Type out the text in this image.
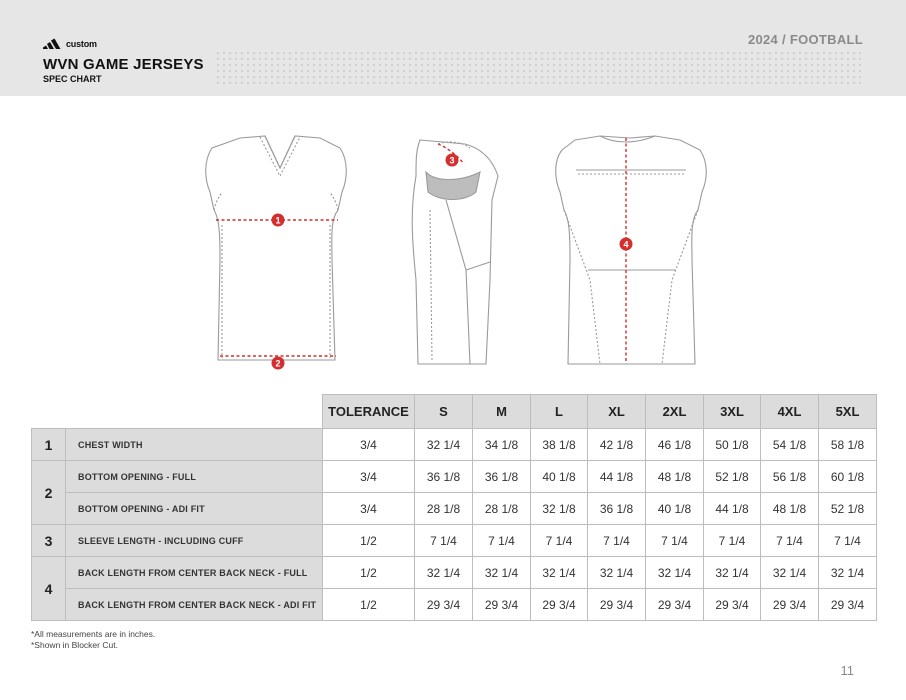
custom
WVN GAME JERSEYS
SPEC CHART
2024 / FOOTBALL
1
2
3
4
		TOLERANCE	S	M	L	XL	2XL	3XL	4XL	5XL
1	CHEST WIDTH	3/4	32 1/4	34 1/8	38 1/8	42 1/8	46 1/8	50 1/8	54 1/8	58 1/8
2	BOTTOM OPENING - FULL	3/4	36 1/8	36 1/8	40 1/8	44 1/8	48 1/8	52 1/8	56 1/8	60 1/8
	BOTTOM OPENING - ADI FIT	3/4	28 1/8	28 1/8	32 1/8	36 1/8	40 1/8	44 1/8	48 1/8	52 1/8
3	SLEEVE LENGTH - INCLUDING CUFF	1/2	7 1/4	7 1/4	7 1/4	7 1/4	7 1/4	7 1/4	7 1/4	7 1/4
4	BACK LENGTH FROM CENTER BACK NECK - FULL	1/2	32 1/4	32 1/4	32 1/4	32 1/4	32 1/4	32 1/4	32 1/4	32 1/4
	BACK LENGTH FROM CENTER BACK NECK - ADI FIT	1/2	29 3/4	29 3/4	29 3/4	29 3/4	29 3/4	29 3/4	29 3/4	29 3/4
*All measurements are in inches.
*Shown in Blocker Cut.
11
